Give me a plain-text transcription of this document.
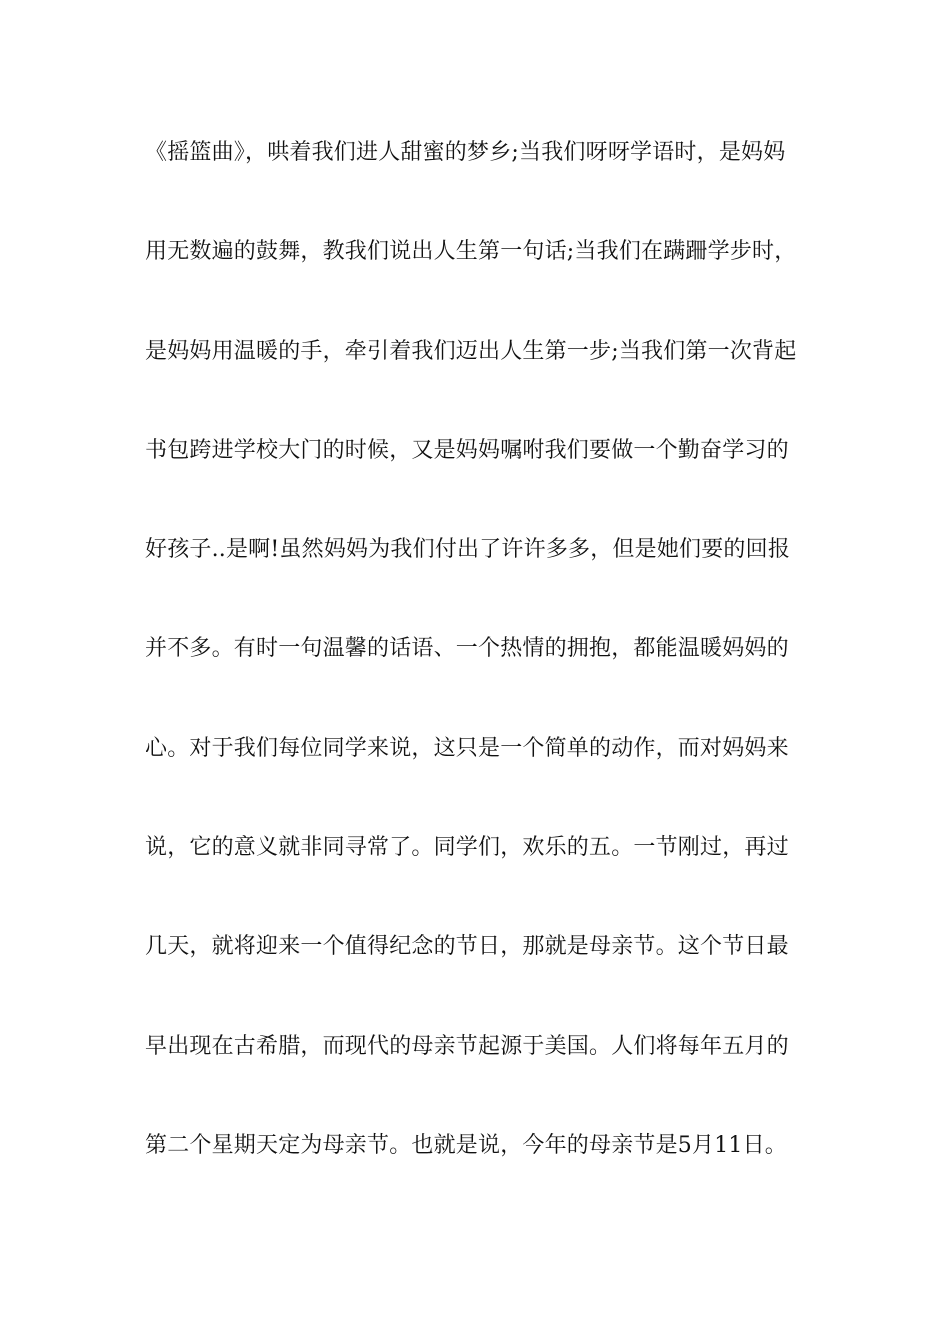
《摇篮曲》，哄着我们进人甜蜜的梦乡;当我们呀呀学语时，是妈妈
用无数遍的鼓舞，教我们说出人生第一句话;当我们在蹒跚学步时，
是妈妈用温暖的手，牵引着我们迈出人生第一步;当我们第一次背起
书包跨进学校大门的时候，又是妈妈嘱咐我们要做一个勤奋学习的
好孩子..是啊!虽然妈妈为我们付出了许许多多，但是她们要的回报
并不多。有时一句温馨的话语、一个热情的拥抱，都能温暖妈妈的
心。对于我们每位同学来说，这只是一个简单的动作，而对妈妈来
说，它的意义就非同寻常了。同学们，欢乐的五。一节刚过，再过
几天，就将迎来一个值得纪念的节日，那就是母亲节。这个节日最
早出现在古希腊，而现代的母亲节起源于美国。人们将每年五月的
第二个星期天定为母亲节。也就是说，今年的母亲节是5月11日。
